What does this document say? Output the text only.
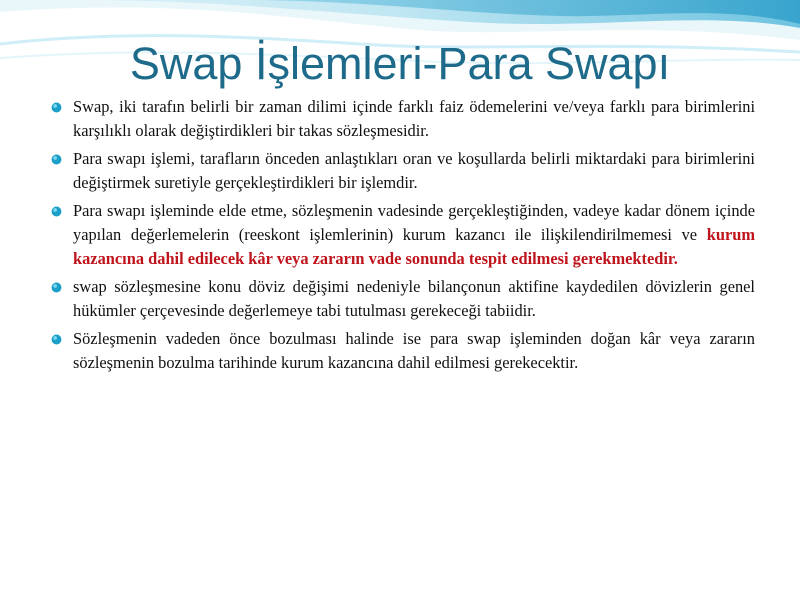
Swap İşlemleri-Para Swapı
Swap, iki tarafın belirli bir zaman dilimi içinde farklı faiz ödemelerini ve/veya farklı para birimlerini karşılıklı olarak değiştirdikleri bir takas sözleşmesidir.
Para swapı işlemi, tarafların önceden anlaştıkları oran ve koşullarda belirli miktardaki para birimlerini değiştirmek suretiyle gerçekleştirdikleri bir işlemdir.
Para swapı işleminde elde etme, sözleşmenin vadesinde gerçekleştiğinden, vadeye kadar dönem içinde yapılan değerlemelerin (reeskont işlemlerinin) kurum kazancı ile ilişkilendirilmemesi ve kurum kazancına dahil edilecek kâr veya zararın vade sonunda tespit edilmesi gerekmektedir.
swap sözleşmesine konu döviz değişimi nedeniyle bilançonun aktifine kaydedilen dövizlerin genel hükümler çerçevesinde değerlemeye tabi tutulması gerekeceği tabiidir.
Sözleşmenin vadeden önce bozulması halinde ise para swap işleminden doğan kâr veya zararın sözleşmenin bozulma tarihinde kurum kazancına dahil edilmesi gerekecektir.
